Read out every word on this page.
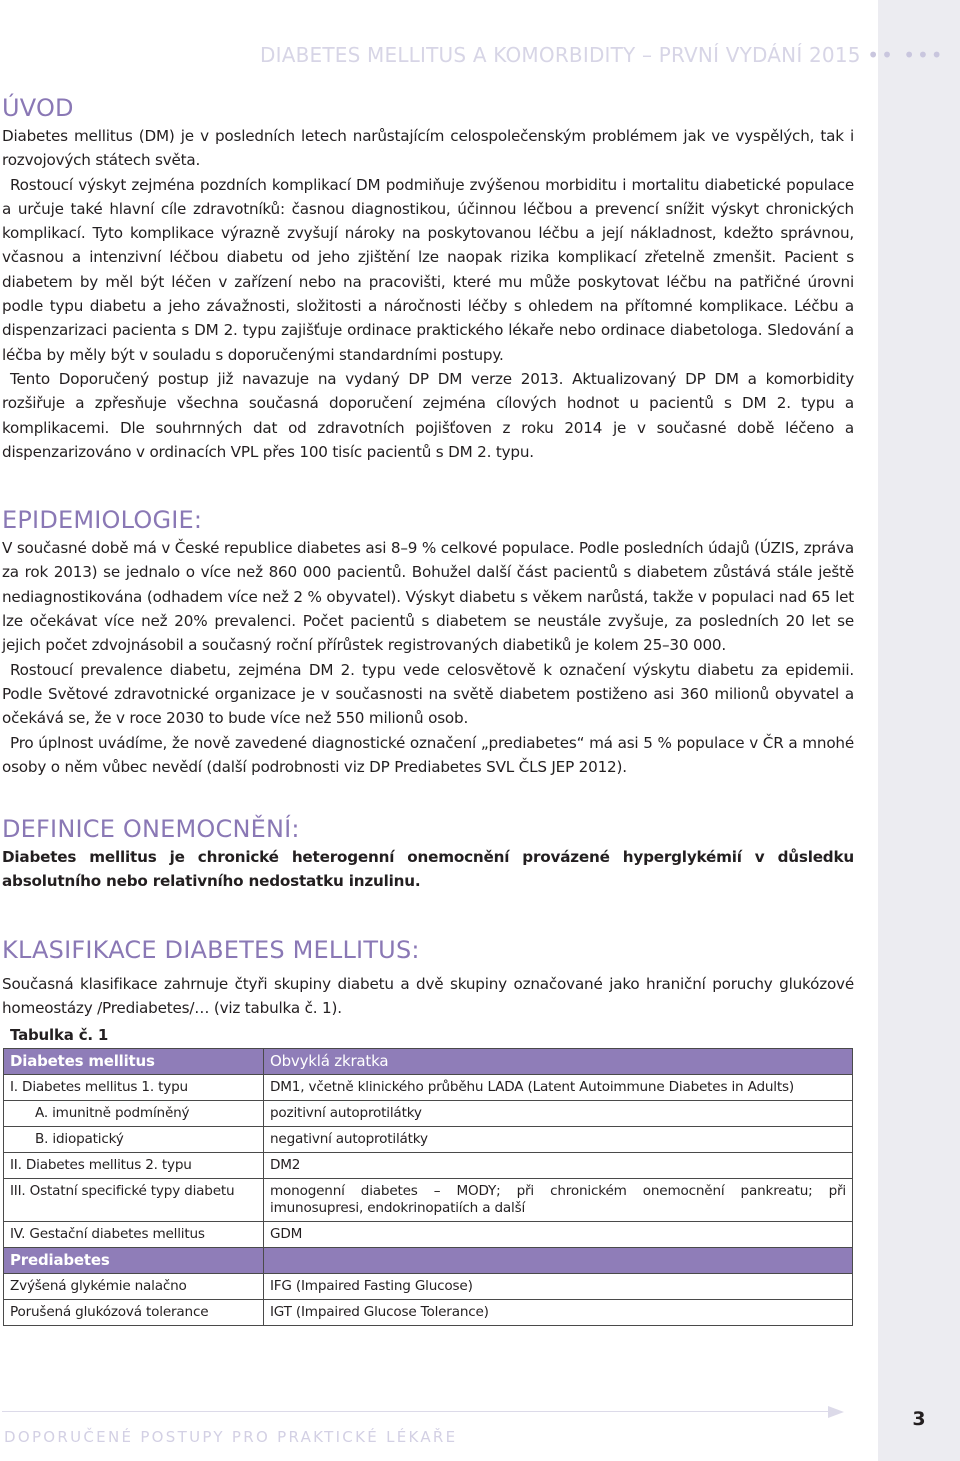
3
DIABETES MELLITUS A KOMORBIDITY – PRVNÍ VYDÁNÍ 2015 •• •••
ÚVOD

Diabetes mellitus (DM) je v posledních letech narůstajícím celospolečenským problémem jak ve vyspělých, tak i rozvojových státech světa.

Rostoucí výskyt zejména pozdních komplikací DM podmiňuje zvýšenou morbiditu i mortalitu diabetické populace a určuje také hlavní cíle zdravotníků: časnou diagnostikou, účinnou léčbou a prevencí snížit výskyt chronických komplikací. Tyto komplikace výrazně zvyšují nároky na poskytovanou léčbu a její nákladnost, kdežto správnou, včasnou a intenzivní léčbou diabetu od jeho zjištění lze naopak rizika komplikací zřetelně zmenšit. Pacient s diabetem by měl být léčen v zařízení nebo na pracovišti, které mu může poskytovat léčbu na patřičné úrovni podle typu diabetu a jeho závažnosti, složitosti a náročnosti léčby s ohledem na přítomné komplikace. Léčbu a dispenzarizaci pacienta s DM 2. typu zajišťuje ordinace praktického lékaře nebo ordinace diabetologa. Sledování a léčba by měly být v souladu s doporučenými standardními postupy.

Tento Doporučený postup již navazuje na vydaný DP DM verze 2013. Aktualizovaný DP DM a komorbidity rozšiřuje a zpřesňuje všechna současná doporučení zejména cílových hodnot u pacientů s DM 2. typu a komplikacemi. Dle souhrnných dat od zdravotních pojišťoven z roku 2014 je v současné době léčeno a dispenzarizováno v ordinacích VPL přes 100 tisíc pacientů s DM 2. typu.

EPIDEMIOLOGIE:

V současné době má v České republice diabetes asi 8–9 % celkové populace. Podle posledních údajů (ÚZIS, zpráva za rok 2013) se jednalo o více než 860 000 pacientů. Bohužel další část pacientů s diabetem zůstává stále ještě nediagnostikována (odhadem více než 2 % obyvatel). Výskyt diabetu s věkem narůstá, takže v populaci nad 65 let lze očekávat více než 20% prevalenci. Počet pacientů s diabetem se neustále zvyšuje, za posledních 20 let se jejich počet zdvojnásobil a současný roční přírůstek registrovaných diabetiků je kolem 25–30 000.

Rostoucí prevalence diabetu, zejména DM 2. typu vede celosvětově k označení výskytu diabetu za epidemii. Podle Světové zdravotnické organizace je v současnosti na světě diabetem postiženo asi 360 milionů obyvatel a očekává se, že v roce 2030 to bude více než 550 milionů osob.

Pro úplnost uvádíme, že nově zavedené diagnostické označení „prediabetes“ má asi 5 % populace v ČR a mnohé osoby o něm vůbec nevědí (další podrobnosti viz DP Prediabetes SVL ČLS JEP 2012).

DEFINICE ONEMOCNĚNÍ:

Diabetes mellitus je chronické heterogenní onemocnění provázené hyperglykémií v důsledku absolutního nebo relativního nedostatku inzulinu.

KLASIFIKACE DIABETES MELLITUS:

Současná klasifikace zahrnuje čtyři skupiny diabetu a dvě skupiny označované jako hraniční poruchy glukózové homeostázy /Prediabetes/… (viz tabulka č. 1).

Tabulka č. 1
Diabetes mellitus	Obvyklá zkratka
I. Diabetes mellitus 1. typu	DM1, včetně klinického průběhu LADA (Latent Autoimmune Diabetes in Adults)
A. imunitně podmíněný	pozitivní autoprotilátky
B. idiopatický	negativní autoprotilátky
II. Diabetes mellitus 2. typu	DM2
III. Ostatní specifické typy diabetu	monogenní diabetes – MODY; při chronickém onemocnění pankreatu; při imunosupresi, endokrinopatiích a další
IV. Gestační diabetes mellitus	GDM
Prediabetes	
Zvýšená glykémie nalačno	IFG (Impaired Fasting Glucose)
Porušená glukózová tolerance	IGT (Impaired Glucose Tolerance)
DOPORUČENÉ POSTUPY PRO PRAKTICKÉ LÉKAŘE
